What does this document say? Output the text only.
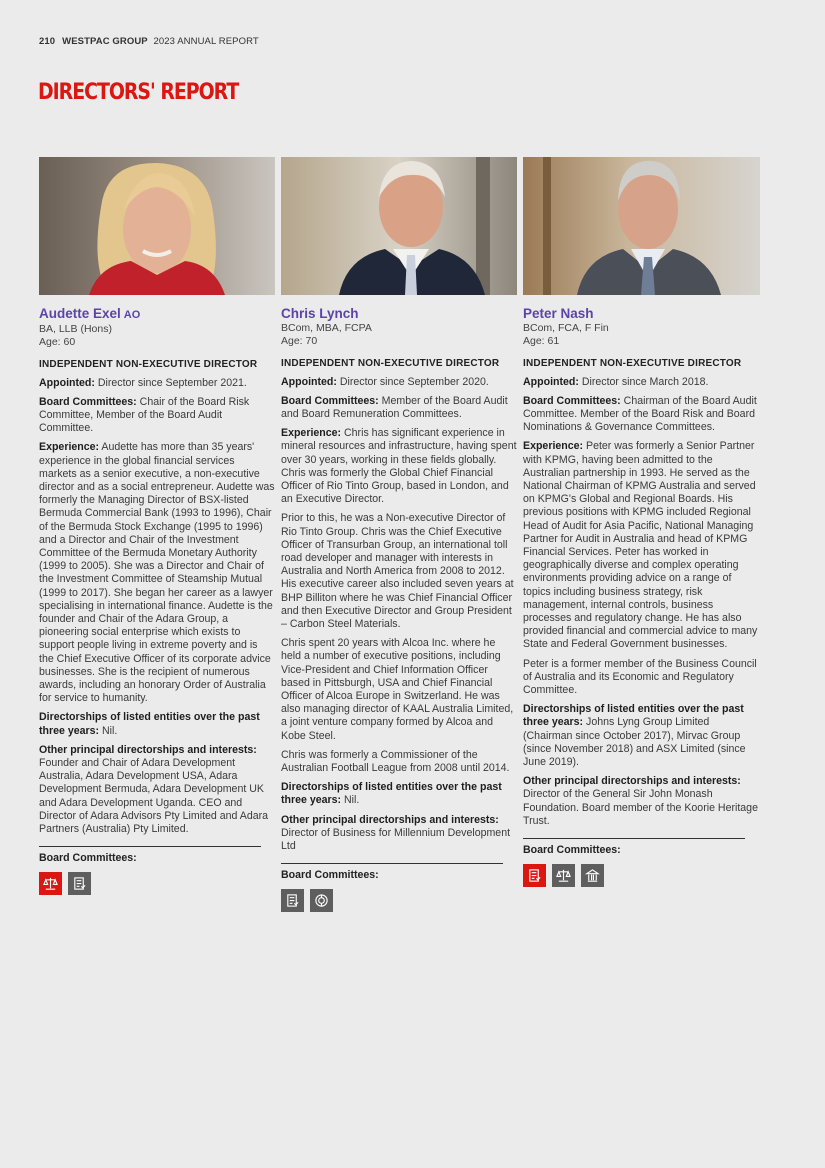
210 WESTPAC GROUP 2023 ANNUAL REPORT
DIRECTORS' REPORT
Audette Exel AO
BA, LLB (Hons)
Age: 60
INDEPENDENT NON-EXECUTIVE DIRECTOR
Appointed: Director since September 2021.
Board Committees: Chair of the Board Risk Committee, Member of the Board Audit Committee.
Experience: Audette has more than 35 years' experience in the global financial services markets as a senior executive, a non-executive director and as a social entrepreneur. Audette was formerly the Managing Director of BSX-listed Bermuda Commercial Bank (1993 to 1996), Chair of the Bermuda Stock Exchange (1995 to 1996) and a Director and Chair of the Investment Committee of the Bermuda Monetary Authority (1999 to 2005). She was a Director and Chair of the Investment Committee of Steamship Mutual (1999 to 2017). She began her career as a lawyer specialising in international finance. Audette is the founder and Chair of the Adara Group, a pioneering social enterprise which exists to support people living in extreme poverty and is the Chief Executive Officer of its corporate advice businesses. She is the recipient of numerous awards, including an honorary Order of Australia for service to humanity.
Directorships of listed entities over the past three years: Nil.
Other principal directorships and interests: Founder and Chair of Adara Development Australia, Adara Development USA, Adara Development Bermuda, Adara Development UK and Adara Development Uganda. CEO and Director of Adara Advisors Pty Limited and Adara Partners (Australia) Pty Limited.
Board Committees:
Chris Lynch
BCom, MBA, FCPA
Age: 70
INDEPENDENT NON-EXECUTIVE DIRECTOR
Appointed: Director since September 2020.
Board Committees: Member of the Board Audit and Board Remuneration Committees.
Experience: Chris has significant experience in mineral resources and infrastructure, having spent over 30 years, working in these fields globally. Chris was formerly the Global Chief Financial Officer of Rio Tinto Group, based in London, and an Executive Director.
Prior to this, he was a Non-executive Director of Rio Tinto Group. Chris was the Chief Executive Officer of Transurban Group, an international toll road developer and manager with interests in Australia and North America from 2008 to 2012. His executive career also included seven years at BHP Billiton where he was Chief Financial Officer and then Executive Director and Group President – Carbon Steel Materials.
Chris spent 20 years with Alcoa Inc. where he held a number of executive positions, including Vice-President and Chief Information Officer based in Pittsburgh, USA and Chief Financial Officer of Alcoa Europe in Switzerland. He was also managing director of KAAL Australia Limited, a joint venture company formed by Alcoa and Kobe Steel.
Chris was formerly a Commissioner of the Australian Football League from 2008 until 2014.
Directorships of listed entities over the past three years: Nil.
Other principal directorships and interests: Director of Business for Millennium Development Ltd
Board Committees:
Peter Nash
BCom, FCA, F Fin
Age: 61
INDEPENDENT NON-EXECUTIVE DIRECTOR
Appointed: Director since March 2018.
Board Committees: Chairman of the Board Audit Committee. Member of the Board Risk and Board Nominations & Governance Committees.
Experience: Peter was formerly a Senior Partner with KPMG, having been admitted to the Australian partnership in 1993. He served as the National Chairman of KPMG Australia and served on KPMG's Global and Regional Boards. His previous positions with KPMG included Regional Head of Audit for Asia Pacific, National Managing Partner for Audit in Australia and head of KPMG Financial Services. Peter has worked in geographically diverse and complex operating environments providing advice on a range of topics including business strategy, risk management, internal controls, business processes and regulatory change. He has also provided financial and commercial advice to many State and Federal Government businesses.
Peter is a former member of the Business Council of Australia and its Economic and Regulatory Committee.
Directorships of listed entities over the past three years: Johns Lyng Group Limited (Chairman since October 2017), Mirvac Group (since November 2018) and ASX Limited (since June 2019).
Other principal directorships and interests: Director of the General Sir John Monash Foundation. Board member of the Koorie Heritage Trust.
Board Committees:
